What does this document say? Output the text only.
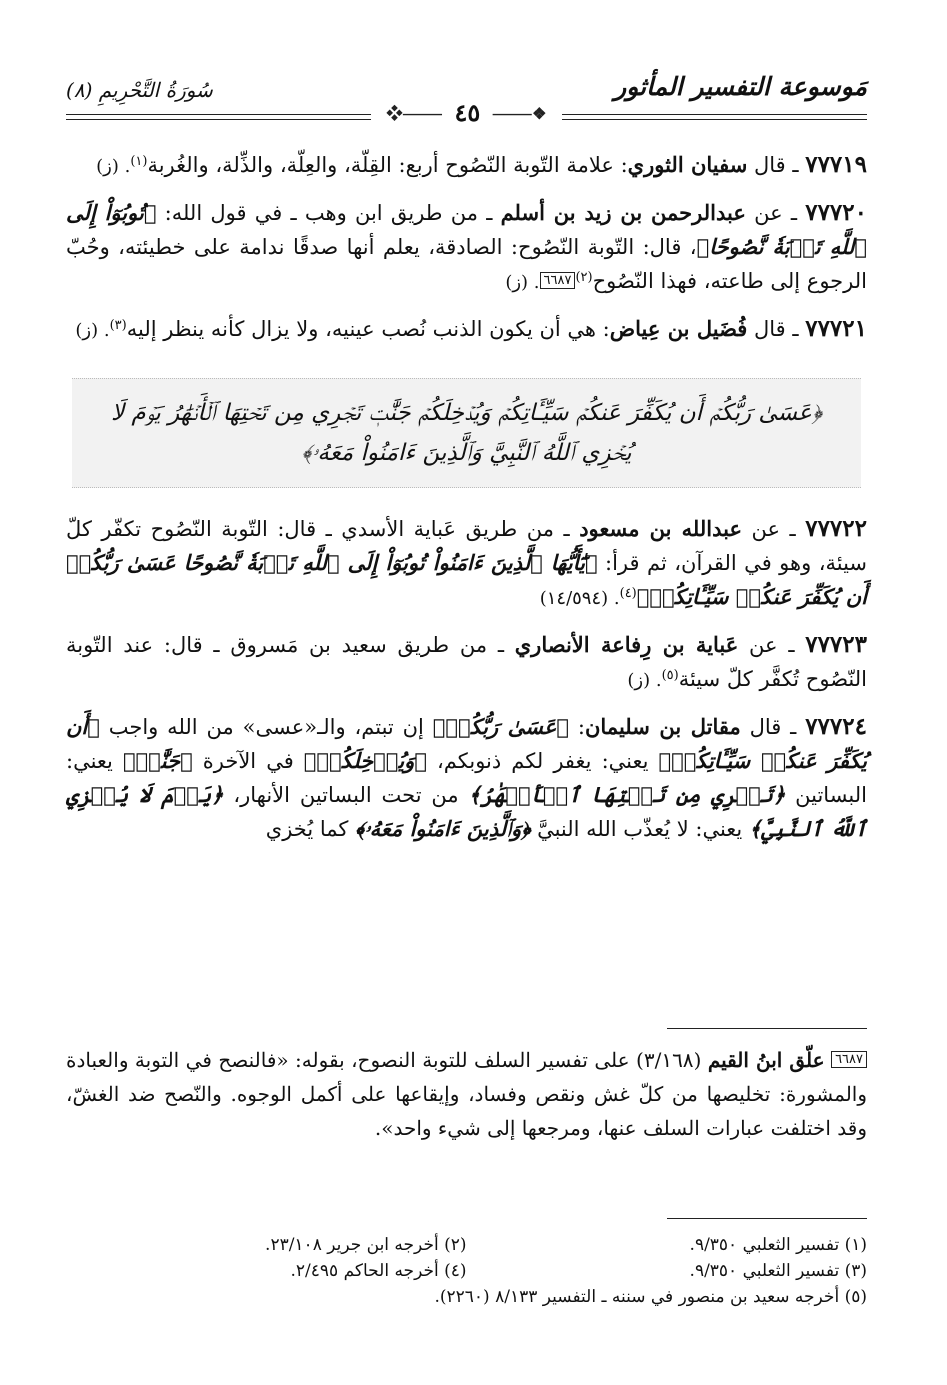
مَوسوعة التفسير المأثور
سُورَةُ التَّحْرِيمِ (٨)
❖⸻
٤٥
⸻❖

٧٧٧١٩ ـ قال سفيان الثوري: علامة التّوبة النّصُوح أربع: القِلّة، والعِلّة، والذِّلة، والغُربة$^{(١)}$. (ز)

٧٧٧٢٠ ـ عن عبدالرحمن بن زيد بن أسلم ـ من طريق ابن وهب ـ في قول الله: ﴿تُوبُوٓاْ إِلَى ٱللَّهِ تَوۡبَةٗ نَّصُوحًا﴾، قال: التّوبة النّصُوح: الصادقة، يعلم أنها صدقًا ندامة على خطيئته، وحُبّ الرجوع إلى طاعته، فهذا النّصُوح$^{(٢)}$٦٦٨٧. (ز)

٧٧٧٢١ ـ قال فُضَيل بن عِياض: هي أن يكون الذنب نُصب عينيه، ولا يزال كأنه ينظر إليه$^{(٣)}$. (ز)

﴿عَسَىٰ رَبُّكُمۡ أَن يُكَفِّرَ عَنكُمۡ سَيِّـَٔاتِكُمۡ وَيُدۡخِلَكُمۡ جَنَّٰتٖ تَجۡرِي مِن تَحۡتِهَا ٱلۡأَنۡهَٰرُ يَوۡمَ لَا يُخۡزِي ٱللَّهُ ٱلنَّبِيَّ وَٱلَّذِينَ ءَامَنُواْ مَعَهُۥ﴾

٧٧٧٢٢ ـ عن عبدالله بن مسعود ـ من طريق عَباية الأسدي ـ قال: التّوبة النّصُوح تكفّر كلّ سيئة، وهو في القرآن، ثم قرأ: ﴿يَٰٓأَيُّهَا ٱلَّذِينَ ءَامَنُواْ تُوبُوٓاْ إِلَى ٱللَّهِ تَوۡبَةٗ نَّصُوحًا عَسَىٰ رَبُّكُمۡ أَن يُكَفِّرَ عَنكُمۡ سَيِّـَٔاتِكُمۡ﴾$^{(٤)}$. (١٤/٥٩٤)

٧٧٧٢٣ ـ عن عَباية بن رِفاعة الأنصاري ـ من طريق سعيد بن مَسروق ـ قال: عند التّوبة النّصُوح تُكفَّر كلّ سيئة$^{(٥)}$. (ز)

٧٧٧٢٤ ـ قال مقاتل بن سليمان: ﴿عَسَىٰ رَبُّكُمۡ﴾ إن تبتم، والـ«عسى» من الله واجب ﴿أَن يُكَفِّرَ عَنكُمۡ سَيِّـَٔاتِكُمۡ﴾ يعني: يغفر لكم ذنوبكم، ﴿وَيُدۡخِلَكُمۡ﴾ في الآخرة ﴿جَنَّٰتٖ﴾ يعني: البساتين ﴿تَجۡرِي مِن تَحۡتِهَا ٱلۡأَنۡهَٰرُ﴾ من تحت البساتين الأنهار، ﴿يَوۡمَ لَا يُخۡزِي ٱللَّهُ ٱلنَّبِيَّ﴾ يعني: لا يُعذّب الله النبيَّ ﴿وَٱلَّذِينَ ءَامَنُواْ مَعَهُۥ﴾ كما يُخزي

$^{٦٦٨٧}$ علّق ابنُ القيم (٣/١٦٨) على تفسير السلف للتوبة النصوح، بقوله: «فالنصح في التوبة والعبادة والمشورة: تخليصها من كلّ غش ونقص وفساد، وإيقاعها على أكمل الوجوه. والنّصح ضد الغشّ، وقد اختلفت عبارات السلف عنها، ومرجعها إلى شيء واحد».
(١) تفسير الثعلبي ٩/٣٥٠.
(٢) أخرجه ابن جرير ٢٣/١٠٨.
(٣) تفسير الثعلبي ٩/٣٥٠.
(٤) أخرجه الحاكم ٢/٤٩٥.
(٥) أخرجه سعيد بن منصور في سننه ـ التفسير ٨/١٣٣ (٢٢٦٠).
